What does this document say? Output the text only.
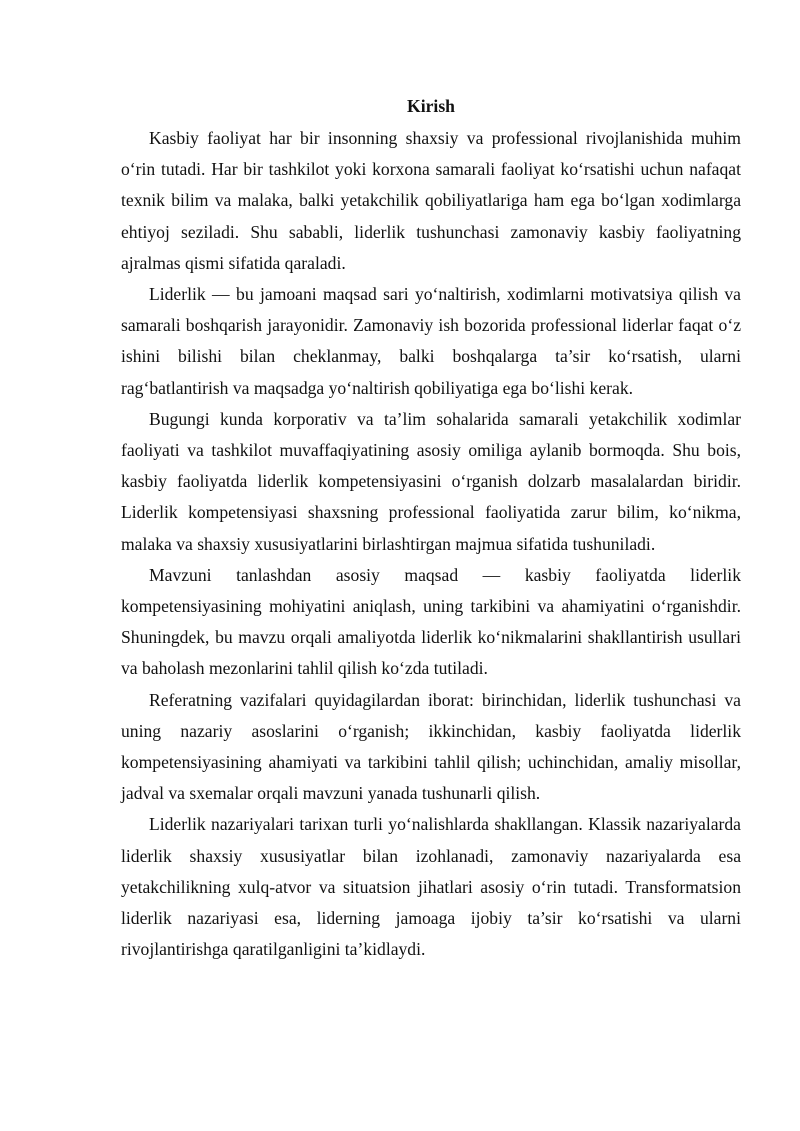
Kirish

Kasbiy faoliyat har bir insonning shaxsiy va professional rivojlanishida muhim o‘rin tutadi. Har bir tashkilot yoki korxona samarali faoliyat ko‘rsatishi uchun nafaqat texnik bilim va malaka, balki yetakchilik qobiliyatlariga ham ega bo‘lgan xodimlarga ehtiyoj seziladi. Shu sababli, liderlik tushunchasi zamonaviy kasbiy faoliyatning ajralmas qismi sifatida qaraladi.

Liderlik — bu jamoani maqsad sari yo‘naltirish, xodimlarni motivatsiya qilish va samarali boshqarish jarayonidir. Zamonaviy ish bozorida professional liderlar faqat o‘z ishini bilishi bilan cheklanmay, balki boshqalarga ta’sir ko‘rsatish, ularni rag‘batlantirish va maqsadga yo‘naltirish qobiliyatiga ega bo‘lishi kerak.

Bugungi kunda korporativ va ta’lim sohalarida samarali yetakchilik xodimlar faoliyati va tashkilot muvaffaqiyatining asosiy omiliga aylanib bormoqda. Shu bois, kasbiy faoliyatda liderlik kompetensiyasini o‘rganish dolzarb masalalardan biridir. Liderlik kompetensiyasi shaxsning professional faoliyatida zarur bilim, ko‘nikma, malaka va shaxsiy xususiyatlarini birlashtirgan majmua sifatida tushuniladi.

Mavzuni tanlashdan asosiy maqsad — kasbiy faoliyatda liderlik kompetensiyasining mohiyatini aniqlash, uning tarkibini va ahamiyatini o‘rganishdir. Shuningdek, bu mavzu orqali amaliyotda liderlik ko‘nikmalarini shakllantirish usullari va baholash mezonlarini tahlil qilish ko‘zda tutiladi.

Referatning vazifalari quyidagilardan iborat: birinchidan, liderlik tushunchasi va uning nazariy asoslarini o‘rganish; ikkinchidan, kasbiy faoliyatda liderlik kompetensiyasining ahamiyati va tarkibini tahlil qilish; uchinchidan, amaliy misollar, jadval va sxemalar orqali mavzuni yanada tushunarli qilish.

Liderlik nazariyalari tarixan turli yo‘nalishlarda shakllangan. Klassik nazariyalarda liderlik shaxsiy xususiyatlar bilan izohlanadi, zamonaviy nazariyalarda esa yetakchilikning xulq-atvor va situatsion jihatlari asosiy o‘rin tutadi. Transformatsion liderlik nazariyasi esa, liderning jamoaga ijobiy ta’sir ko‘rsatishi va ularni rivojlantirishga qaratilganligini ta’kidlaydi.
